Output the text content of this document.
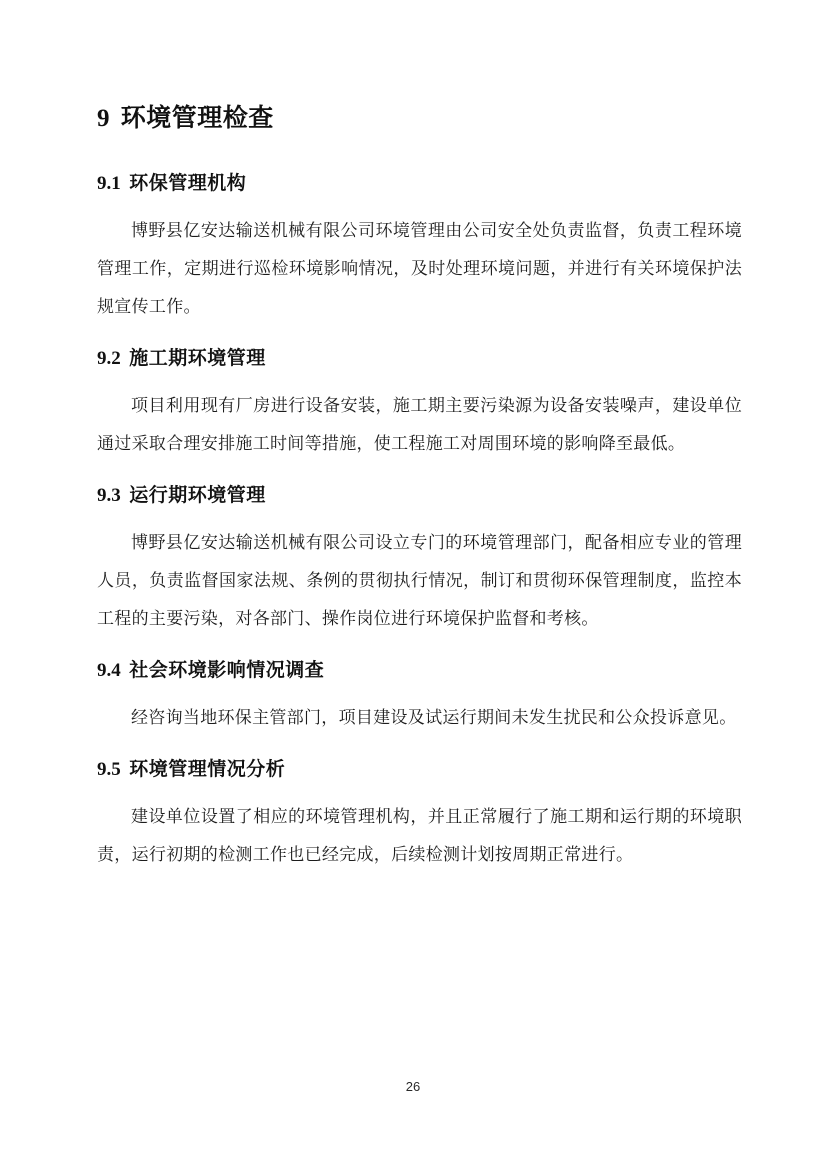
9 环境管理检查
9.1 环保管理机构

博野县亿安达输送机械有限公司环境管理由公司安全处负责监督，负责工程环境管理工作，定期进行巡检环境影响情况，及时处理环境问题，并进行有关环境保护法规宣传工作。

9.2 施工期环境管理

项目利用现有厂房进行设备安装，施工期主要污染源为设备安装噪声，建设单位通过采取合理安排施工时间等措施，使工程施工对周围环境的影响降至最低。

9.3 运行期环境管理

博野县亿安达输送机械有限公司设立专门的环境管理部门，配备相应专业的管理人员，负责监督国家法规、条例的贯彻执行情况，制订和贯彻环保管理制度，监控本工程的主要污染，对各部门、操作岗位进行环境保护监督和考核。

9.4 社会环境影响情况调查

经咨询当地环保主管部门，项目建设及试运行期间未发生扰民和公众投诉意见。

9.5 环境管理情况分析

建设单位设置了相应的环境管理机构，并且正常履行了施工期和运行期的环境职责，运行初期的检测工作也已经完成，后续检测计划按周期正常进行。

26
